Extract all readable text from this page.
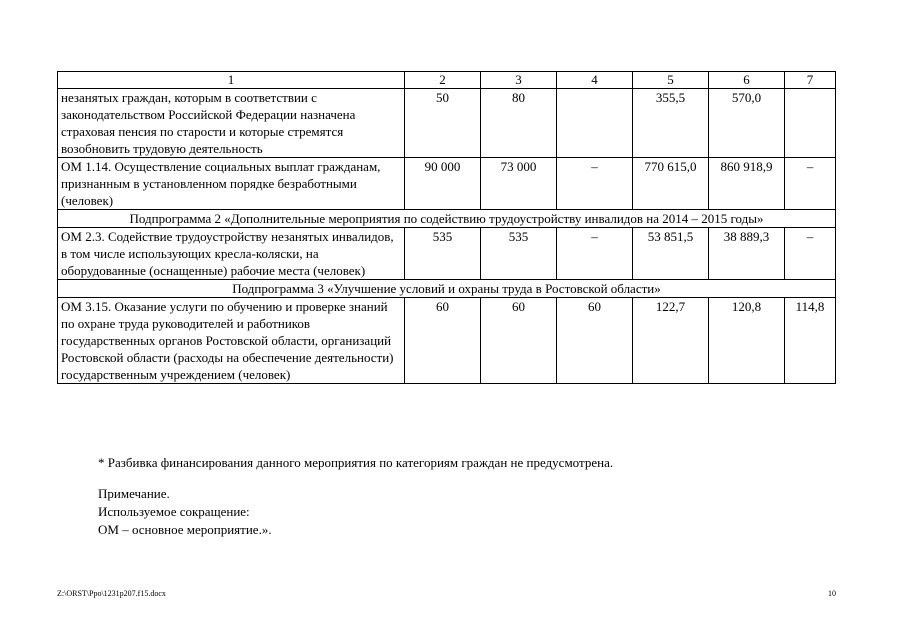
1	2	3	4	5	6	7
незанятых граждан, которым в соответствии с законодательством Российской Федерации назначена страховая пенсия по старости и которые стремятся возобновить трудовую деятельность	50	80		355,5	570,0	
ОМ 1.14. Осуществление социальных выплат гражданам, признанным в установленном порядке безработными (человек)	90 000	73 000	–	770 615,0	860 918,9	–
Подпрограмма 2 «Дополнительные мероприятия по содействию трудоустройству инвалидов на 2014 – 2015 годы»						
ОМ 2.3. Содействие трудоустройству незанятых инвалидов, в том числе использующих кресла-коляски, на оборудованные (оснащенные) рабочие места (человек)	535	535	–	53 851,5	38 889,3	–
Подпрограмма 3 «Улучшение условий и охраны труда в Ростовской области»						
ОМ 3.15. Оказание услуги по обучению и проверке знаний по охране труда руководителей и работников государственных органов Ростовской области, организаций Ростовской области (расходы на обеспечение деятельности) государственным учреждением (человек)	60	60	60	122,7	120,8	114,8
* Разбивка финансирования данного мероприятия по категориям граждан не предусмотрена.
Примечание.
Используемое сокращение:
ОМ – основное мероприятие.».
Z:\ORST\Ppo\1231p207.f15.docx	10
